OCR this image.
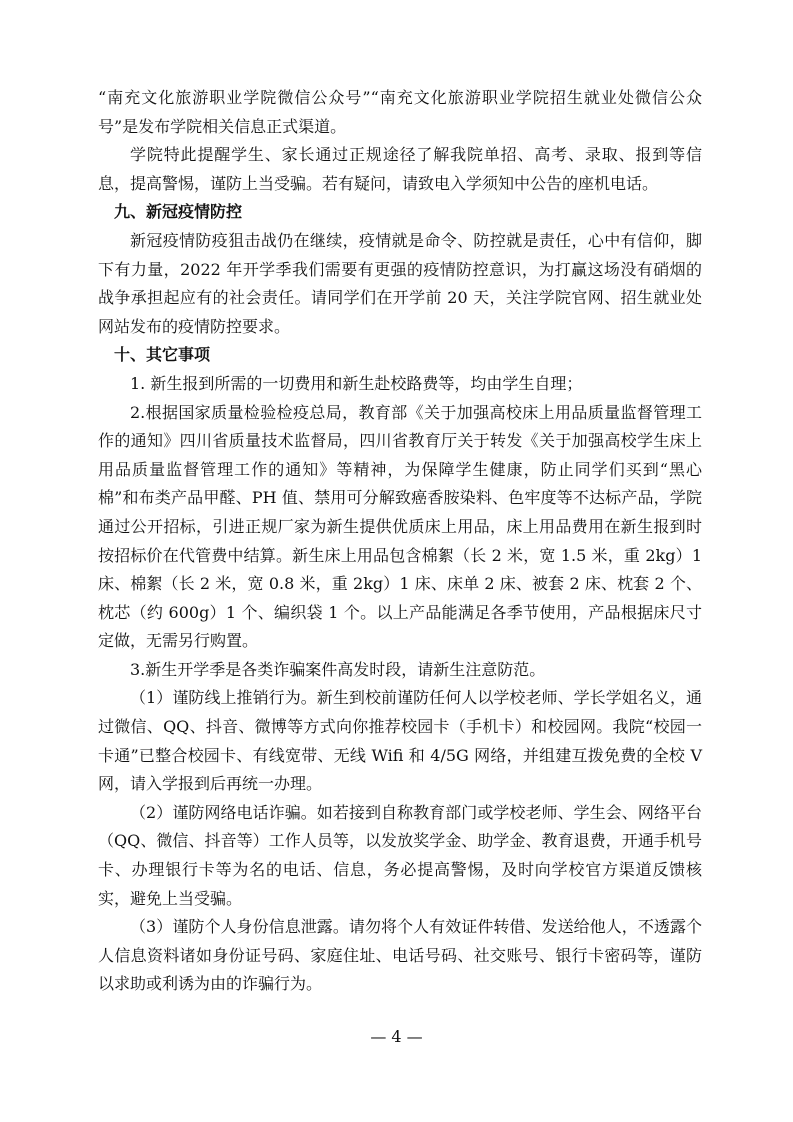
“南充文化旅游职业学院微信公众号”“南充文化旅游职业学院招生就业处微信公众号”是发布学院相关信息正式渠道。

学院特此提醒学生、家长通过正规途径了解我院单招、高考、录取、报到等信息，提高警惕，谨防上当受骗。若有疑问，请致电入学须知中公告的座机电话。

九、新冠疫情防控

新冠疫情防疫狙击战仍在继续，疫情就是命令、防控就是责任，心中有信仰，脚下有力量，2022 年开学季我们需要有更强的疫情防控意识，为打赢这场没有硝烟的战争承担起应有的社会责任。请同学们在开学前 20 天，关注学院官网、招生就业处网站发布的疫情防控要求。

十、其它事项

1. 新生报到所需的一切费用和新生赴校路费等，均由学生自理；

2.根据国家质量检验检疫总局，教育部《关于加强高校床上用品质量监督管理工作的通知》四川省质量技术监督局，四川省教育厅关于转发《关于加强高校学生床上用品质量监督管理工作的通知》等精神，为保障学生健康，防止同学们买到“黑心棉”和布类产品甲醛、PH 值、禁用可分解致癌香胺染料、色牢度等不达标产品，学院通过公开招标，引进正规厂家为新生提供优质床上用品，床上用品费用在新生报到时按招标价在代管费中结算。新生床上用品包含棉絮（长 2 米，宽 1.5 米，重 2kg）1 床、棉絮（长 2 米，宽 0.8 米，重 2kg）1 床、床单 2 床、被套 2 床、枕套 2 个、枕芯（约 600g）1 个、编织袋 1 个。以上产品能满足各季节使用，产品根据床尺寸定做，无需另行购置。

3.新生开学季是各类诈骗案件高发时段，请新生注意防范。

（1）谨防线上推销行为。新生到校前谨防任何人以学校老师、学长学姐名义，通过微信、QQ、抖音、微博等方式向你推荐校园卡（手机卡）和校园网。我院“校园一卡通”已整合校园卡、有线宽带、无线 Wifi 和 4/5G 网络，并组建互拨免费的全校 V 网，请入学报到后再统一办理。

（2）谨防网络电话诈骗。如若接到自称教育部门或学校老师、学生会、网络平台（QQ、微信、抖音等）工作人员等，以发放奖学金、助学金、教育退费，开通手机号卡、办理银行卡等为名的电话、信息，务必提高警惕，及时向学校官方渠道反馈核实，避免上当受骗。

（3）谨防个人身份信息泄露。请勿将个人有效证件转借、发送给他人，不透露个人信息资料诸如身份证号码、家庭住址、电话号码、社交账号、银行卡密码等，谨防以求助或利诱为由的诈骗行为。

— 4 —
